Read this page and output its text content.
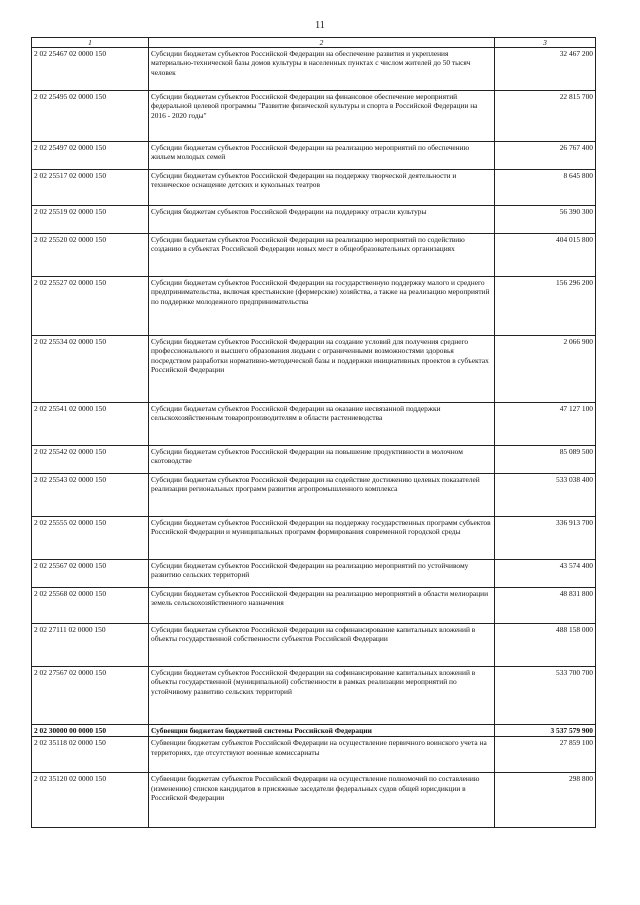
11
1	2	3
2 02 25467 02 0000 150	Субсидии бюджетам субъектов Российской Федерации на обеспечение развития и укрепления материально-технической базы домов культуры в населенных пунктах с числом жителей до 50 тысяч человек	32 467 200
2 02 25495 02 0000 150	Субсидии бюджетам субъектов Российской Федерации на финансовое обеспечение мероприятий федеральной целевой программы "Развитие физической культуры и спорта в Российской Федерации на 2016 - 2020 годы"	22 815 700
2 02 25497 02 0000 150	Субсидии бюджетам субъектов Российской Федерации на реализацию мероприятий по обеспечению жильем молодых семей	26 767 400
2 02 25517 02 0000 150	Субсидии бюджетам субъектов Российской Федерации на поддержку творческой деятельности и техническое оснащение детских и кукольных театров	8 645 800
2 02 25519 02 0000 150	Субсидия бюджетам субъектов Российской Федерации на поддержку отрасли культуры	56 390 300
2 02 25520 02 0000 150	Субсидии бюджетам субъектов Российской Федерации на реализацию мероприятий по содействию созданию в субъектах Российской Федерации новых мест в общеобразовательных организациях	404 015 800
2 02 25527 02 0000 150	Субсидии бюджетам субъектов Российской Федерации на государственную поддержку малого и среднего предпринимательства, включая крестьянские (фермерские) хозяйства, а также на реализацию мероприятий по поддержке молодежного предпринимательства	156 296 200
2 02 25534 02 0000 150	Субсидии бюджетам субъектов Российской Федерации на создание условий для получения среднего профессионального и высшего образования людьми с ограниченными возможностями здоровья посредством разработки нормативно-методической базы и поддержки инициативных проектов в субъектах Российской Федерации	2 066 900
2 02 25541 02 0000 150	Субсидии бюджетам субъектов Российской Федерации на оказание несвязанной поддержки сельскохозяйственным товаропроизводителям в области растениеводства	47 127 100
2 02 25542 02 0000 150	Субсидии бюджетам субъектов Российской Федерации на повышение продуктивности в молочном скотоводстве	85 089 500
2 02 25543 02 0000 150	Субсидии бюджетам субъектов Российской Федерации на содействие достижению целевых показателей реализации региональных программ развития агропромышленного комплекса	533 038 400
2 02 25555 02 0000 150	Субсидии бюджетам субъектов Российской Федерации на поддержку государственных программ субъектов Российской Федерации и муниципальных программ формирования современной городской среды	336 913 700
2 02 25567 02 0000 150	Субсидии бюджетам субъектов Российской Федерации на реализацию мероприятий по устойчивому развитию сельских территорий	43 574 400
2 02 25568 02 0000 150	Субсидии бюджетам субъектов Российской Федерации на реализацию мероприятий в области мелиорации земель сельскохозяйственного назначения	48 831 800
2 02 27111 02 0000 150	Субсидии бюджетам субъектов Российской Федерации на софинансирование капитальных вложений в объекты государственной собственности субъектов Российской Федерации	488 158 000
2 02 27567 02 0000 150	Субсидии бюджетам субъектов Российской Федерации на софинансирование капитальных вложений в объекты государственной (муниципальной) собственности в рамках реализации мероприятий по устойчивому развитию сельских территорий	533 700 700
2 02 30000 00 0000 150	Субвенции бюджетам бюджетной системы Российской Федерации	3 537 579 900
2 02 35118 02 0000 150	Субвенции бюджетам субъектов Российской Федерации на осуществление первичного воинского учета на территориях, где отсутствуют военные комиссариаты	27 859 100
2 02 35120 02 0000 150	Субвенции бюджетам субъектов Российской Федерации на осуществление полномочий по составлению (изменению) списков кандидатов в присяжные заседатели федеральных судов общей юрисдикции в Российской Федерации	298 800
